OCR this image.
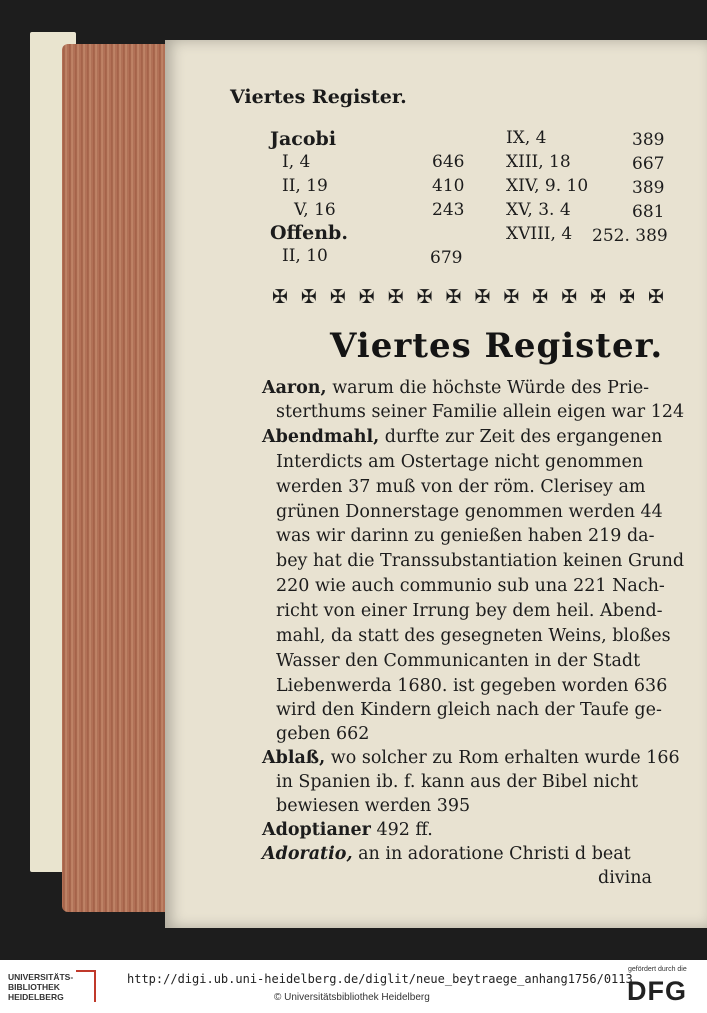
Viertes Register.
Jacobi
I, 4	646
II, 19	410
V, 16	243
Offenb.
II, 10	679
IX, 4	389
XIII, 18	667
XIV, 9. 10	389
XV, 3. 4	681
XVIII, 4 252. 389
✠ ✠ ✠ ✠ ✠ ✠ ✠ ✠ ✠ ✠ ✠ ✠ ✠ ✠
Viertes Register.
Aaron, warum die höchste Würde des Prie-
sterthums seiner Familie allein eigen war 124
Abendmahl, durfte zur Zeit des ergangenen
Interdicts am Ostertage nicht genommen
werden 37 muß von der röm. Clerisey am
grünen Donnerstage genommen werden 44
was wir darinn zu genießen haben 219 da-
bey hat die Transsubstantiation keinen Grund
220 wie auch communio sub una 221 Nach-
richt von einer Irrung bey dem heil. Abend-
mahl, da statt des gesegneten Weins, bloßes
Wasser den Communicanten in der Stadt
Liebenwerda 1680. ist gegeben worden 636
wird den Kindern gleich nach der Taufe ge-
geben 662
Ablaß, wo solcher zu Rom erhalten wurde 166
in Spanien ib. f. kann aus der Bibel nicht
bewiesen werden 395
Adoptianer 492 ff.
Adoratio, an in adoratione Christi d beat
divina
UNIVERSITÄTS-
BIBLIOTHEK
HEIDELBERG
http://digi.ub.uni-heidelberg.de/diglit/neue_beytraege_anhang1756/0113
© Universitätsbibliothek Heidelberg
gefördert durch die
DFG
